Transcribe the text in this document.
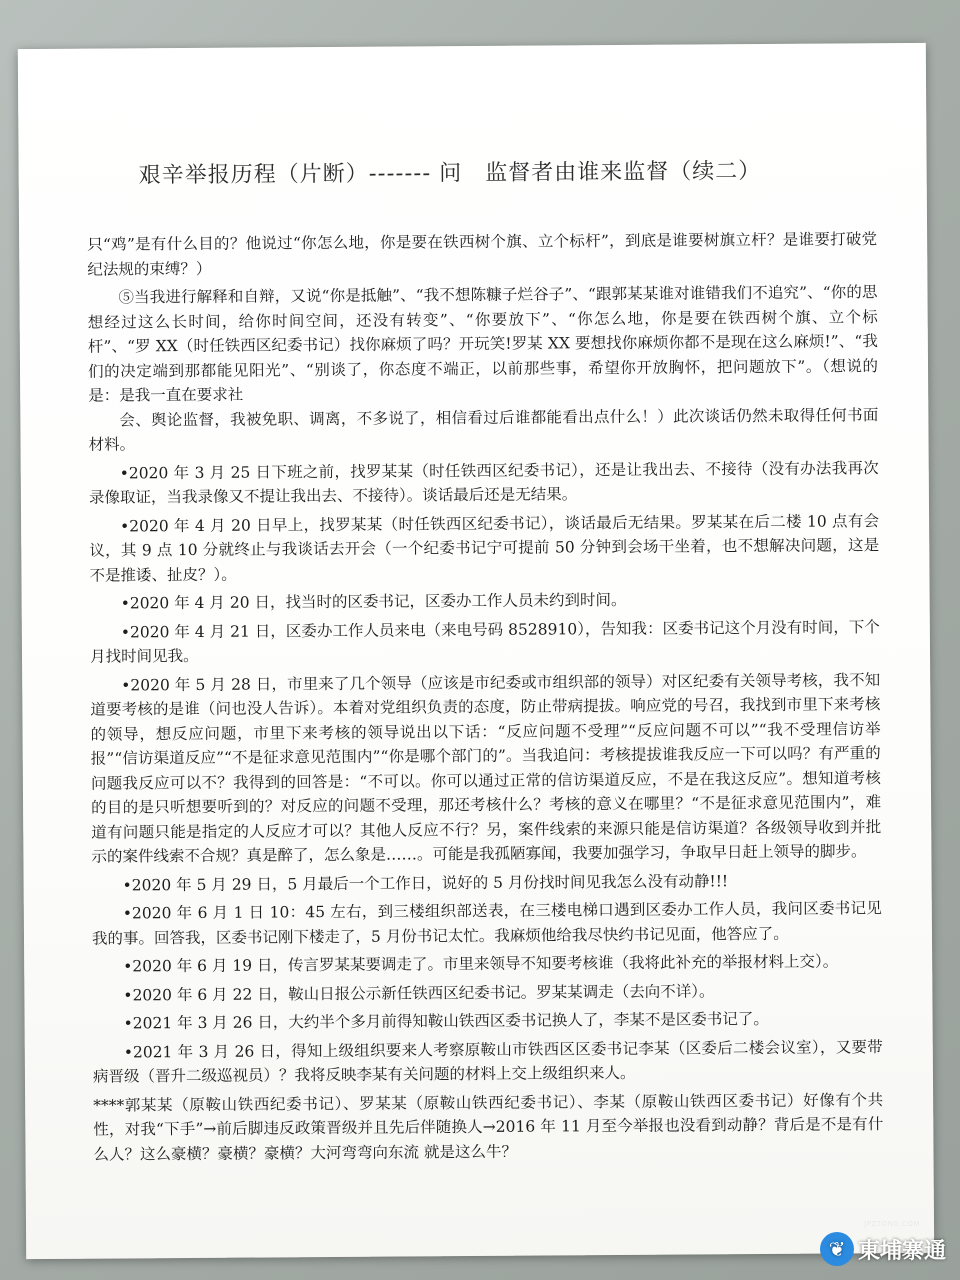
艰辛举报历程（片断）------- 问　监督者由谁来监督（续二）

只“鸡”是有什么目的？他说过“你怎么地，你是要在铁西树个旗、立个标杆”，到底是谁要树旗立杆？是谁要打破党纪法规的束缚？）

⑤当我进行解释和自辩，又说“你是抵触”、“我不想陈糠子烂谷子”、“跟郭某某谁对谁错我们不追究”、“你的思想经过这么长时间，给你时间空间，还没有转变”、“你要放下”、“你怎么地，你是要在铁西树个旗、立个标杆”、“罗 XX（时任铁西区纪委书记）找你麻烦了吗？开玩笑!罗某 XX 要想找你麻烦你都不是现在这么麻烦!”、“我们的决定端到那都能见阳光”、“别谈了，你态度不端正，以前那些事，希望你开放胸怀，把问题放下”。（想说的是：是我一直在要求社

会、舆论监督，我被免职、调离，不多说了，相信看过后谁都能看出点什么！）此次谈话仍然未取得任何书面材料。

•2020 年 3 月 25 日下班之前，找罗某某（时任铁西区纪委书记），还是让我出去、不接待（没有办法我再次录像取证，当我录像又不提让我出去、不接待）。谈话最后还是无结果。

•2020 年 4 月 20 日早上，找罗某某（时任铁西区纪委书记），谈话最后无结果。罗某某在后二楼 10 点有会议，其 9 点 10 分就终止与我谈话去开会（一个纪委书记宁可提前 50 分钟到会场干坐着，也不想解决问题，这是不是推诿、扯皮？）。

•2020 年 4 月 20 日，找当时的区委书记，区委办工作人员未约到时间。

•2020 年 4 月 21 日，区委办工作人员来电（来电号码 8528910），告知我：区委书记这个月没有时间，下个月找时间见我。

•2020 年 5 月 28 日，市里来了几个领导（应该是市纪委或市组织部的领导）对区纪委有关领导考核，我不知道要考核的是谁（问也没人告诉）。本着对党组织负责的态度，防止带病提拔。响应党的号召，我找到市里下来考核的领导，想反应问题，市里下来考核的领导说出以下话：“反应问题不受理”“反应问题不可以”“我不受理信访举报”“信访渠道反应”“不是征求意见范围内”“你是哪个部门的”。当我追问：考核提拔谁我反应一下可以吗？有严重的问题我反应可以不？我得到的回答是：“不可以。你可以通过正常的信访渠道反应，不是在我这反应”。想知道考核的目的是只听想要听到的？对反应的问题不受理，那还考核什么？考核的意义在哪里？“不是征求意见范围内”，难道有问题只能是指定的人反应才可以？其他人反应不行？另，案件线索的来源只能是信访渠道？各级领导收到并批示的案件线索不合规？真是醉了，怎么象是……。可能是我孤陋寡闻，我要加强学习，争取早日赶上领导的脚步。

•2020 年 5 月 29 日，5 月最后一个工作日，说好的 5 月份找时间见我怎么没有动静!!!

•2020 年 6 月 1 日 10：45 左右，到三楼组织部送表，在三楼电梯口遇到区委办工作人员，我问区委书记见我的事。回答我，区委书记刚下楼走了，5 月份书记太忙。我麻烦他给我尽快约书记见面，他答应了。

•2020 年 6 月 19 日，传言罗某某要调走了。市里来领导不知要考核谁（我将此补充的举报材料上交）。

•2020 年 6 月 22 日，鞍山日报公示新任铁西区纪委书记。罗某某调走（去向不详）。

•2021 年 3 月 26 日，大约半个多月前得知鞍山铁西区委书记换人了，李某不是区委书记了。

•2021 年 3 月 26 日，得知上级组织要来人考察原鞍山市铁西区区委书记李某（区委后二楼会议室），又要带病晋级（晋升二级巡视员）？我将反映李某有关问题的材料上交上级组织来人。

****郭某某（原鞍山铁西纪委书记）、罗某某（原鞍山铁西纪委书记）、李某（原鞍山铁西区委书记）好像有个共性，对我“下手”→前后脚违反政策晋级并且先后伴随换人→2016 年 11 月至今举报也没看到动静？背后是不是有什么人？这么豪横？豪横？豪横？大河弯弯向东流 就是这么牛？

JPZTONG.COM
❦ 東埔寨通
